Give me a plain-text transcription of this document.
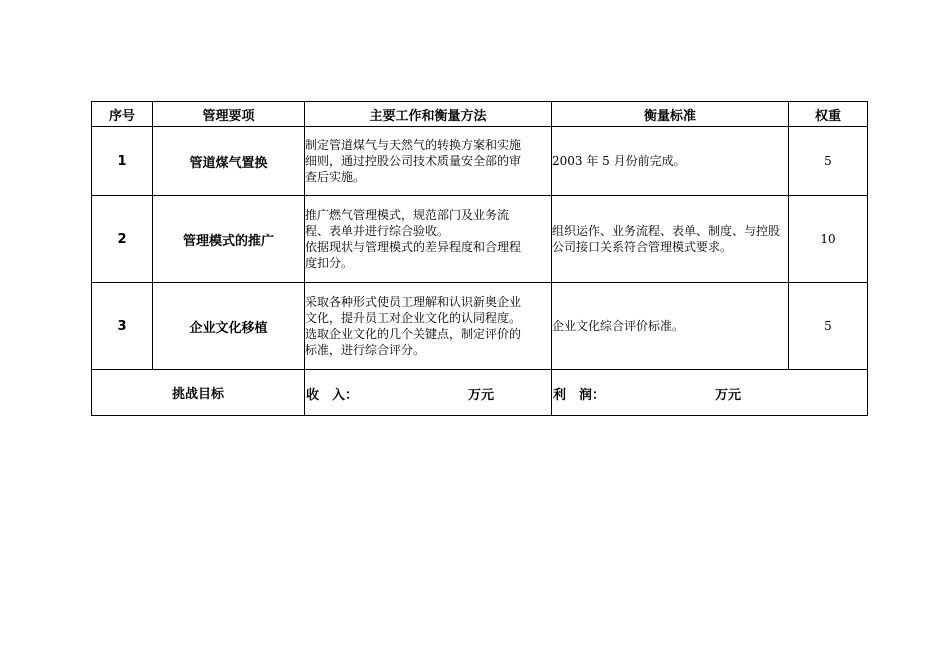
序号	管理要项	主要工作和衡量方法	衡量标准	权重
1	管道煤气置换	制定管道煤气与天然气的转换方案和实施
细则，通过控股公司技术质量安全部的审
查后实施。	2003 年 5 月份前完成。	5
2	管理模式的推广	推广燃气管理模式，规范部门及业务流
程、表单并进行综合验收。
依据现状与管理模式的差异程度和合理程
度扣分。	组织运作、业务流程、表单、制度、与控股公司接口关系符合管理模式要求。	10
3	企业文化移植	采取各种形式使员工理解和认识新奥企业
文化，提升员工对企业文化的认同程度。
选取企业文化的几个关键点，制定评价的
标准，进行综合评分。	企业文化综合评价标准。	5
挑战目标		收　入： 万元	利　润： 万元	
